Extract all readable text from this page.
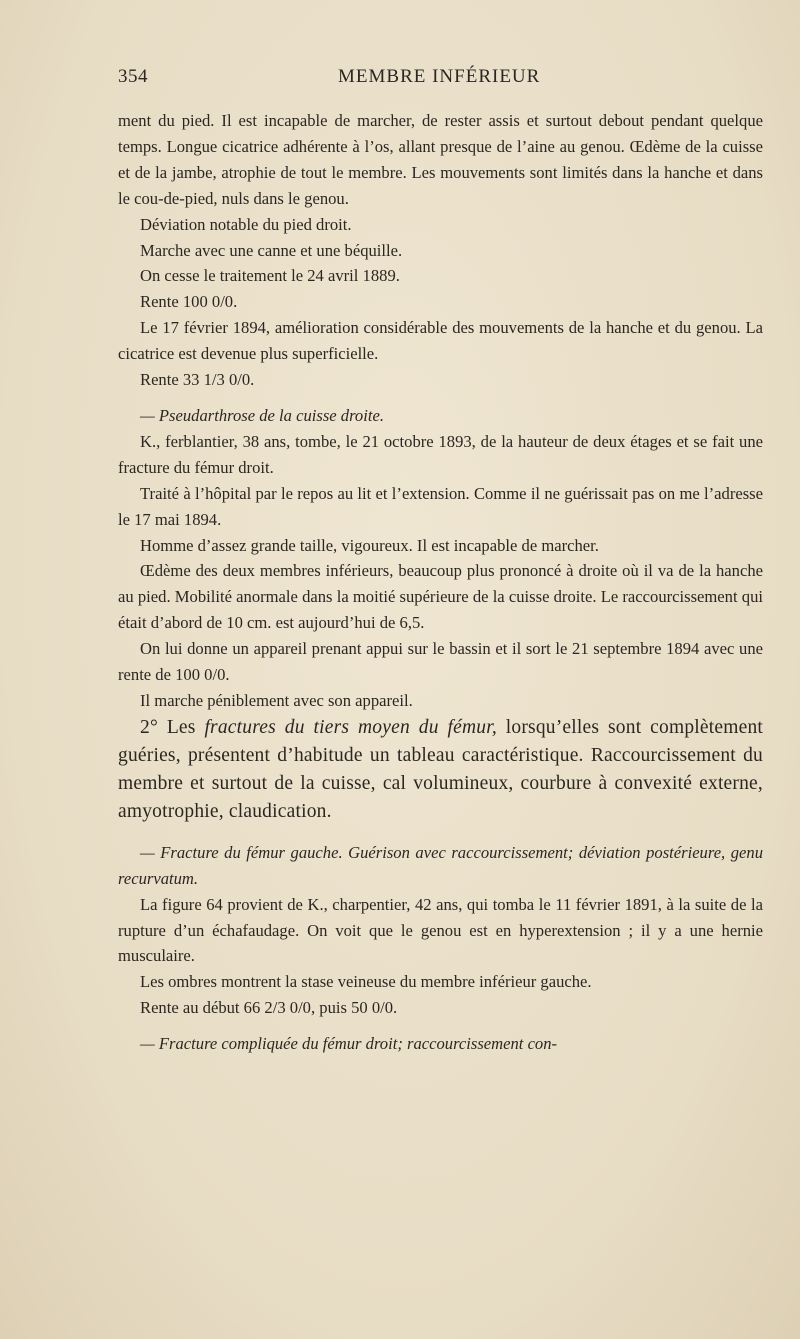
354	MEMBRE INFÉRIEUR

ment du pied. Il est incapable de marcher, de rester assis et surtout debout pendant quelque temps. Longue cicatrice adhérente à l’os, allant presque de l’aine au genou. Œdème de la cuisse et de la jambe, atrophie de tout le membre. Les mouvements sont limités dans la hanche et dans le cou-de-pied, nuls dans le genou.

Déviation notable du pied droit.

Marche avec une canne et une béquille.

On cesse le traitement le 24 avril 1889.

Rente 100 0/0.

Le 17 février 1894, amélioration considérable des mouvements de la hanche et du genou. La cicatrice est devenue plus superficielle.

Rente 33 1/3 0/0.

— Pseudarthrose de la cuisse droite.

K., ferblantier, 38 ans, tombe, le 21 octobre 1893, de la hauteur de deux étages et se fait une fracture du fémur droit.

Traité à l’hôpital par le repos au lit et l’extension. Comme il ne guérissait pas on me l’adresse le 17 mai 1894.

Homme d’assez grande taille, vigoureux. Il est incapable de marcher.

Œdème des deux membres inférieurs, beaucoup plus prononcé à droite où il va de la hanche au pied. Mobilité anormale dans la moitié supérieure de la cuisse droite. Le raccourcissement qui était d’abord de 10 cm. est aujourd’hui de 6,5.

On lui donne un appareil prenant appui sur le bassin et il sort le 21 septembre 1894 avec une rente de 100 0/0.

Il marche péniblement avec son appareil.

2° Les fractures du tiers moyen du fémur, lorsqu’elles sont complètement guéries, présentent d’habitude un tableau caractéristique. Raccourcissement du membre et surtout de la cuisse, cal volumineux, courbure à convexité externe, amyotrophie, claudication.

— Fracture du fémur gauche. Guérison avec raccourcissement; déviation postérieure, genu recurvatum.

La figure 64 provient de K., charpentier, 42 ans, qui tomba le 11 février 1891, à la suite de la rupture d’un échafaudage. On voit que le genou est en hyperextension ; il y a une hernie musculaire.

Les ombres montrent la stase veineuse du membre inférieur gauche.

Rente au début 66 2/3 0/0, puis 50 0/0.

— Fracture compliquée du fémur droit; raccourcissement con-
